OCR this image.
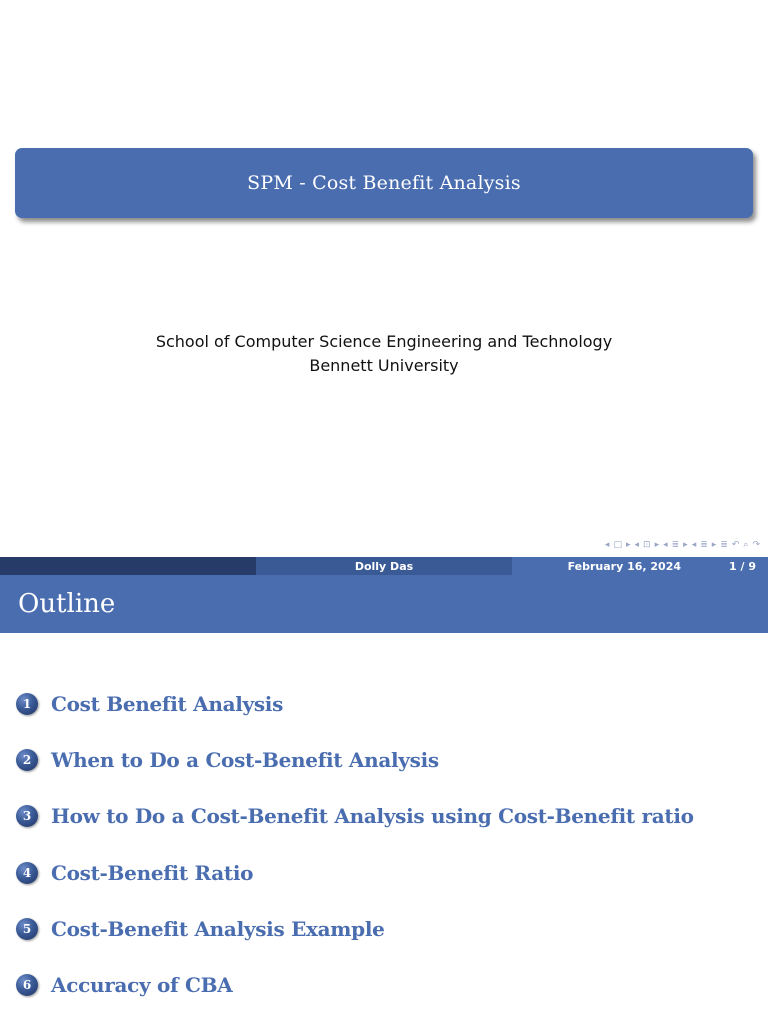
SPM - Cost Benefit Analysis
School of Computer Science Engineering and Technology
Bennett University
◂ □ ▸ ◂ ⊡ ▸ ◂ ≣ ▸ ◂ ≣ ▸ ≣ ↶ ⌕ ↷
Dolly Das	February 16, 2024	1 / 9
Outline
1 Cost Benefit Analysis
2 When to Do a Cost-Benefit Analysis
3 How to Do a Cost-Benefit Analysis using Cost-Benefit ratio
4 Cost-Benefit Ratio
5 Cost-Benefit Analysis Example
6 Accuracy of CBA
